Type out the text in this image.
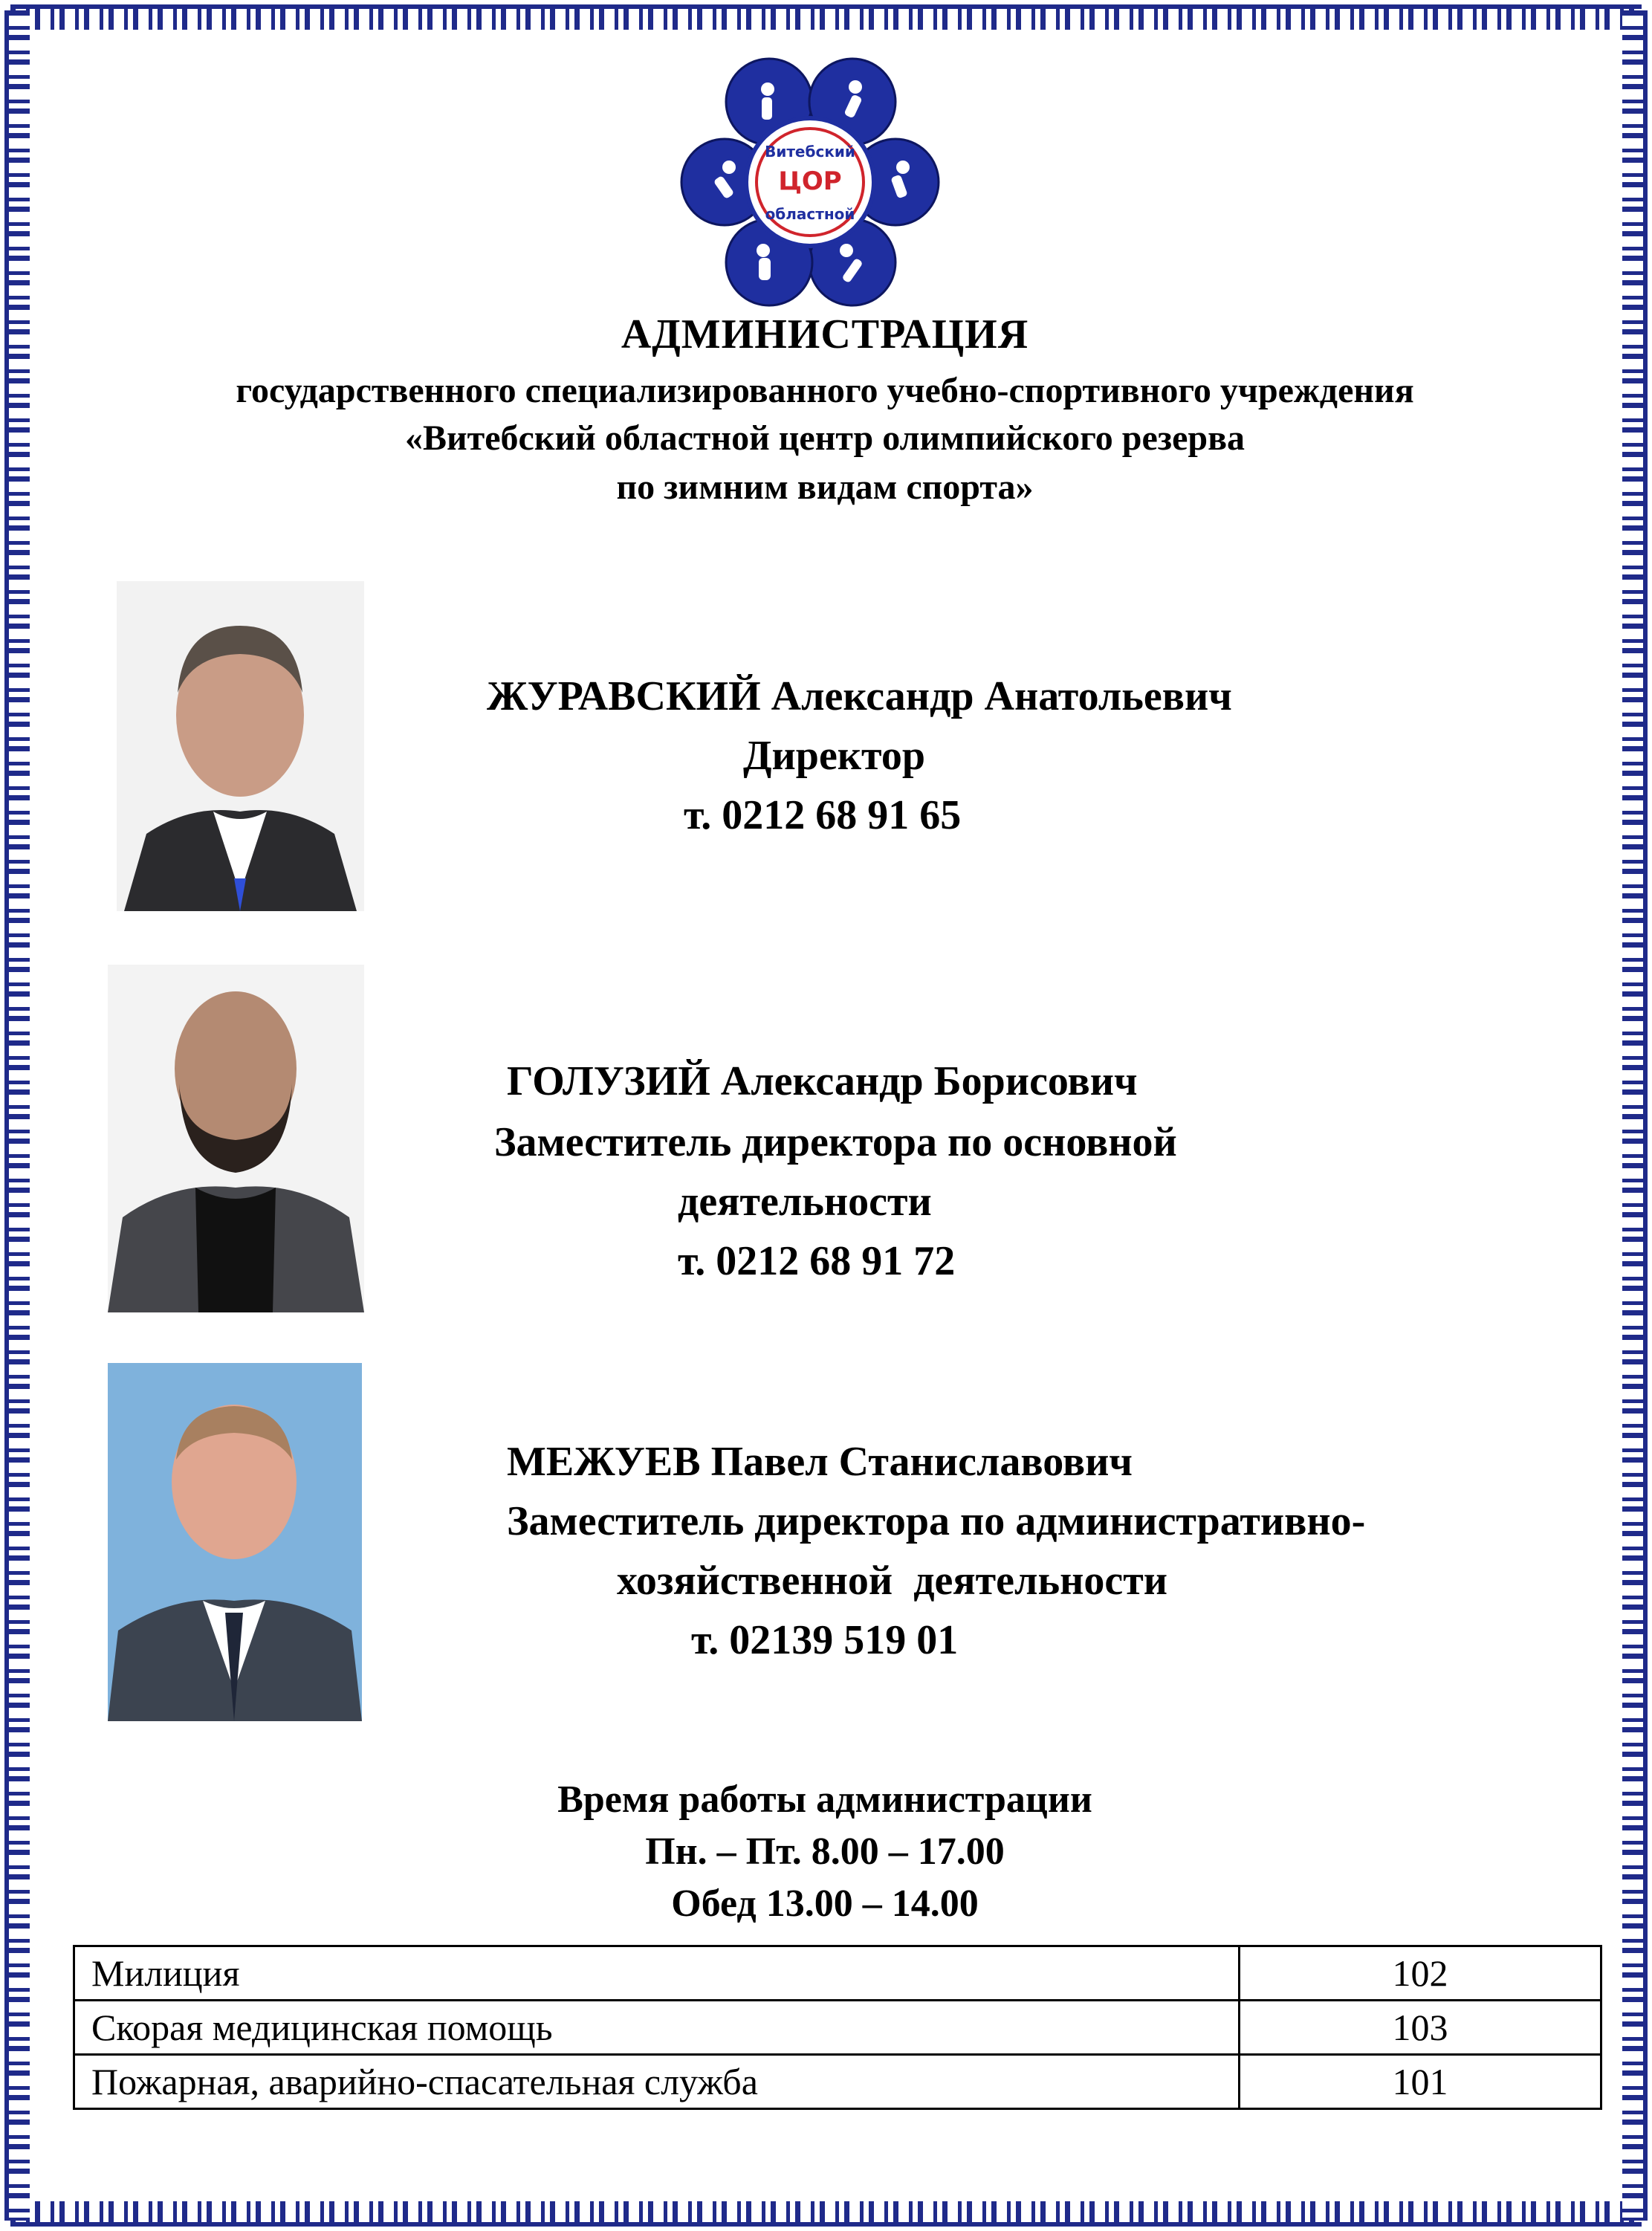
Витебский
ЦОР
областной
АДМИНИСТРАЦИЯ
государственного специализированного учебно-спортивного учреждения
«Витебский областной центр олимпийского резерва
по зимним видам спорта»
ЖУРАВСКИЙ Александр Анатольевич
Директор
т. 0212 68 91 65
ГОЛУЗИЙ Александр Борисович
Заместитель директора по основной
деятельности
т. 0212 68 91 72
МЕЖУЕВ Павел Станиславович
Заместитель директора по административно-
хозяйственной  деятельности
т. 02139 519 01
Время работы администрации
Пн. – Пт. 8.00 – 17.00
Обед 13.00 – 14.00
Милиция	102
Скорая медицинская помощь	103
Пожарная, аварийно-спасательная служба	101
